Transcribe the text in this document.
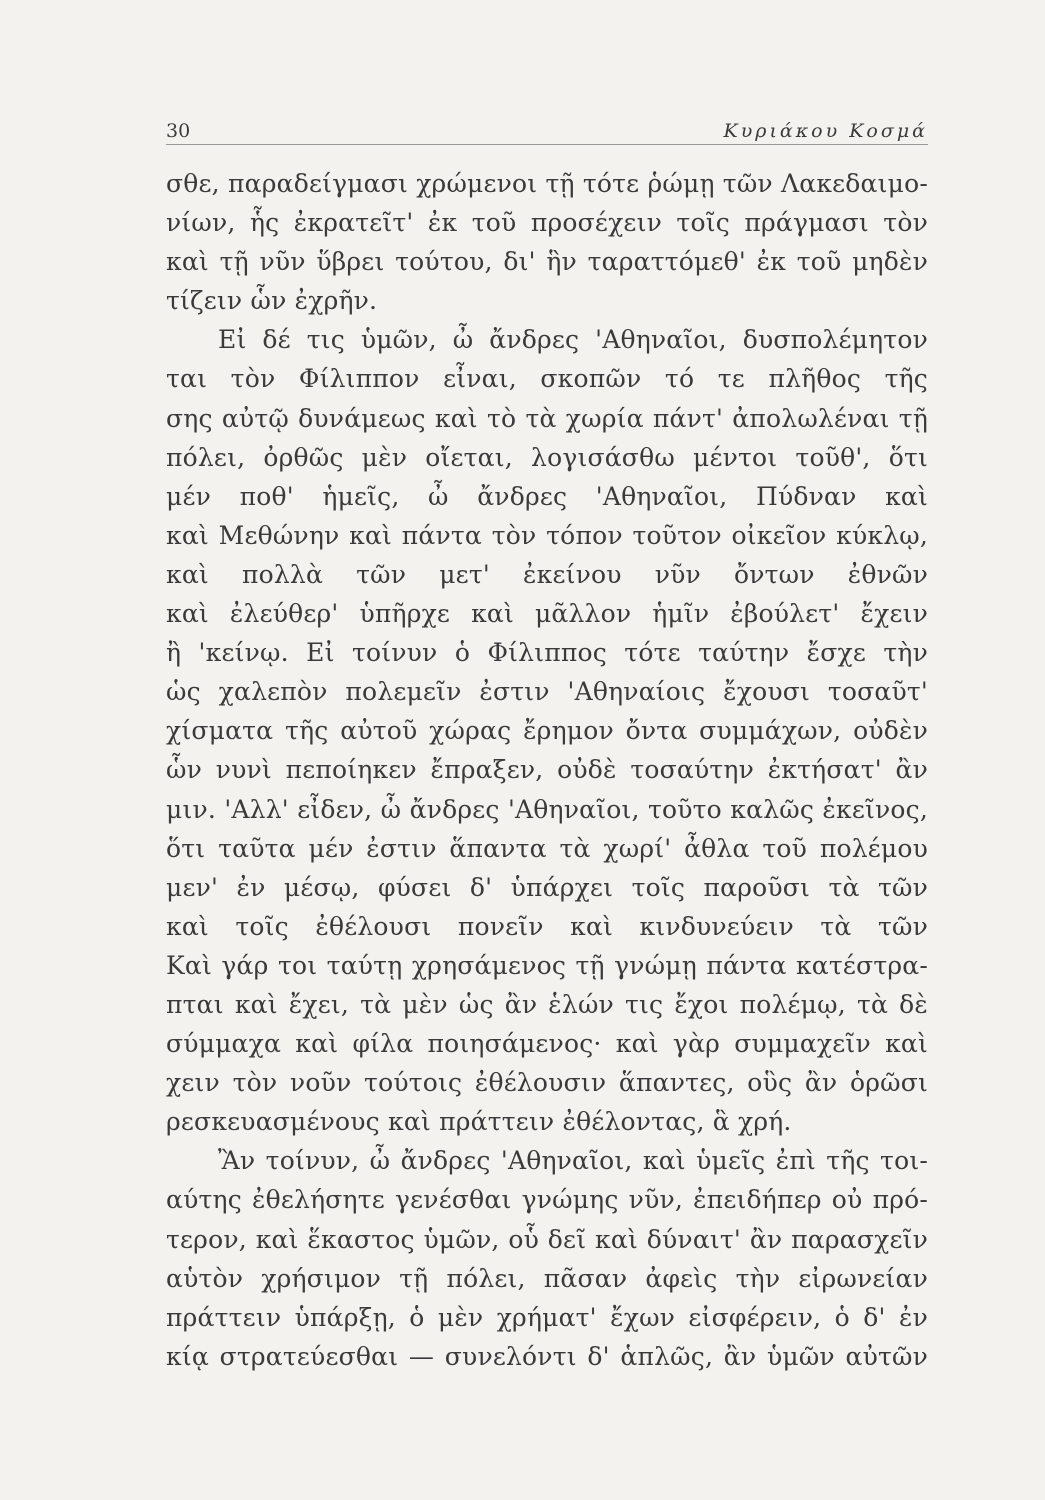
30	Κυριάκου Κοσμά
σθε, παραδείγμασι χρώμενοι τῇ τότε ῥώμῃ τῶν Λακεδαιμο-
νίων, ἧς ἐκρατεῖτ' ἐκ τοῦ προσέχειν τοῖς πράγμασι τὸν
καὶ τῇ νῦν ὕβρει τούτου, δι' ἣν ταραττόμεθ' ἐκ τοῦ μηδὲν
τίζειν ὧν ἐχρῆν.
Εἰ δέ τις ὑμῶν, ὦ ἄνδρες 'Αθηναῖοι, δυσπολέμητον
ται τὸν Φίλιππον εἶναι, σκοπῶν τό τε πλῆθος τῆς
σης αὐτῷ δυνάμεως καὶ τὸ τὰ χωρία πάντ' ἀπολωλέναι τῇ
πόλει, ὀρθῶς μὲν οἴεται, λογισάσθω μέντοι τοῦθ', ὅτι
μέν ποθ' ἡμεῖς, ὦ ἄνδρες 'Αθηναῖοι, Πύδναν καὶ
καὶ Μεθώνην καὶ πάντα τὸν τόπον τοῦτον οἰκεῖον κύκλῳ,
καὶ πολλὰ τῶν μετ' ἐκείνου νῦν ὄντων ἐθνῶν
καὶ ἐλεύθερ' ὑπῆρχε καὶ μᾶλλον ἡμῖν ἐβούλετ' ἔχειν
ἢ 'κείνῳ. Εἰ τοίνυν ὁ Φίλιππος τότε ταύτην ἔσχε τὴν
ὡς χαλεπὸν πολεμεῖν ἐστιν 'Αθηναίοις ἔχουσι τοσαῦτ'
χίσματα τῆς αὐτοῦ χώρας ἔρημον ὄντα συμμάχων, οὐδὲν
ὧν νυνὶ πεποίηκεν ἔπραξεν, οὐδὲ τοσαύτην ἐκτήσατ' ἂν
μιν. 'Αλλ' εἶδεν, ὦ ἄνδρες 'Αθηναῖοι, τοῦτο καλῶς ἐκεῖνος,
ὅτι ταῦτα μέν ἐστιν ἅπαντα τὰ χωρί' ἆθλα τοῦ πολέμου
μεν' ἐν μέσῳ, φύσει δ' ὑπάρχει τοῖς παροῦσι τὰ τῶν
καὶ τοῖς ἐθέλουσι πονεῖν καὶ κινδυνεύειν τὰ τῶν
Καὶ γάρ τοι ταύτῃ χρησάμενος τῇ γνώμῃ πάντα κατέστρα-
πται καὶ ἔχει, τὰ μὲν ὡς ἂν ἑλών τις ἔχοι πολέμῳ, τὰ δὲ
σύμμαχα καὶ φίλα ποιησάμενος· καὶ γὰρ συμμαχεῖν καὶ
χειν τὸν νοῦν τούτοις ἐθέλουσιν ἅπαντες, οὓς ἂν ὁρῶσι
ρεσκευασμένους καὶ πράττειν ἐθέλοντας, ἃ χρή.
Ἂν τοίνυν, ὦ ἄνδρες 'Αθηναῖοι, καὶ ὑμεῖς ἐπὶ τῆς τοι-
αύτης ἐθελήσητε γενέσθαι γνώμης νῦν, ἐπειδήπερ οὐ πρό-
τερον, καὶ ἕκαστος ὑμῶν, οὗ δεῖ καὶ δύναιτ' ἂν παρασχεῖν
αὑτὸν χρήσιμον τῇ πόλει, πᾶσαν ἀφεὶς τὴν εἰρωνείαν
πράττειν ὑπάρξῃ, ὁ μὲν χρήματ' ἔχων εἰσφέρειν, ὁ δ' ἐν
κίᾳ στρατεύεσθαι — συνελόντι δ' ἁπλῶς, ἂν ὑμῶν αὐτῶν
